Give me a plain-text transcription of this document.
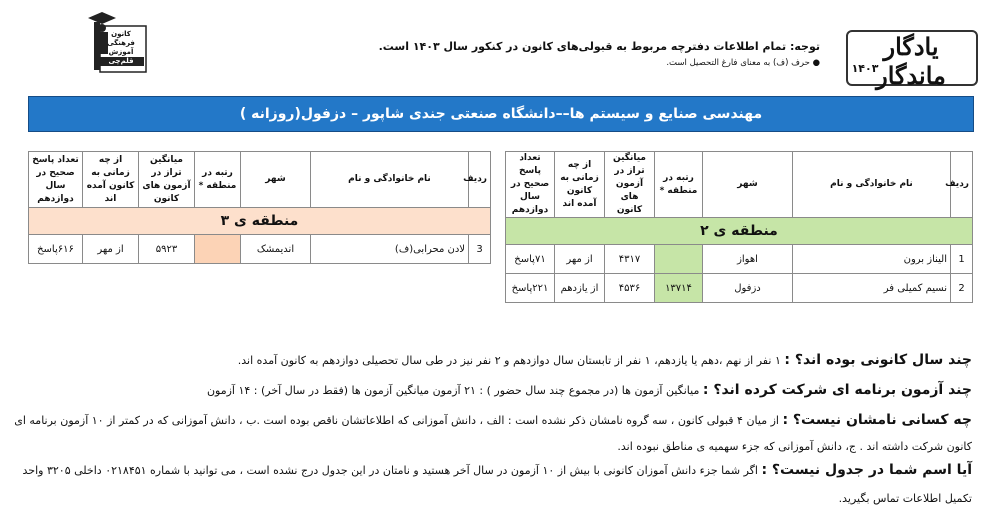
کانون
فرهنگی
آموزش
قلم‌چی
توجه: تمام اطلاعات دفترچه مربوط به قبولی‌های کانون در کنکور سال ۱۴۰۳ است.
● حرف (ف) به معنای فارغ التحصیل است.
یادگار ماندگار
۱۴۰۳
مهندسی صنایع و سیستم ها––دانشگاه صنعتی جندی شاپور – دزفول(روزانه )
ردیف	نام خانوادگی و نام	شهر	رتبه در منطقه *	میانگین تراز در آزمون های کانون	از چه زمانی به کانون آمده اند	تعداد پاسخ صحیح در سال دوازدهم
منطقه ی ۲						
1	الیناز برون	اهواز		۴۳۱۷	از مهر	۷۱پاسخ
2	نسیم کمیلی فر	دزفول	۱۳۷۱۴	۴۵۳۶	از یازدهم	۲۲۱پاسخ
ردیف	نام خانوادگی و نام	شهر	رتبه در منطقه *	میانگین تراز در آزمون های کانون	از چه زمانی به کانون آمده اند	تعداد پاسخ صحیح در سال دوازدهم
منطقه ی ۳						
3	لادن محرابی(ف)	اندیمشک		۵۹۲۳	از مهر	۶۱۶پاسخ
چند سال کانونی بوده اند؟ : ۱ نفر از نهم ،دهم یا یازدهم، ۱ نفر از تابستان سال دوازدهم و ۲ نفر نیز در طی سال تحصیلی دوازدهم به کانون آمده اند.
چند آزمون برنامه ای شرکت کرده اند؟ : میانگین آزمون ها (در مجموع چند سال حضور ) : ۲۱ آزمون میانگین آزمون ها (فقط در سال آخر) : ۱۴ آزمون
چه کسانی نامشان نیست؟ : از میان ۴ قبولی کانون ، سه گروه نامشان ذکر نشده است : الف ، دانش آموزانی که اطلاعاتشان ناقص بوده است .ب ، دانش آموزانی که در کمتر از ۱۰ آزمون برنامه ای
کانون شرکت داشته اند . ج، دانش آموزانی که جزء سهمیه ی مناطق نبوده اند.
آیا اسم شما در جدول نیست؟ : اگر شما جزء دانش آموزان کانونی با بیش از ۱۰ آزمون در سال آخر هستید و نامتان در این جدول درج نشده است ، می توانید با شماره ۰۲۱۸۴۵۱ داخلی ۳۲۰۵ واحد
تکمیل اطلاعات تماس بگیرید.
